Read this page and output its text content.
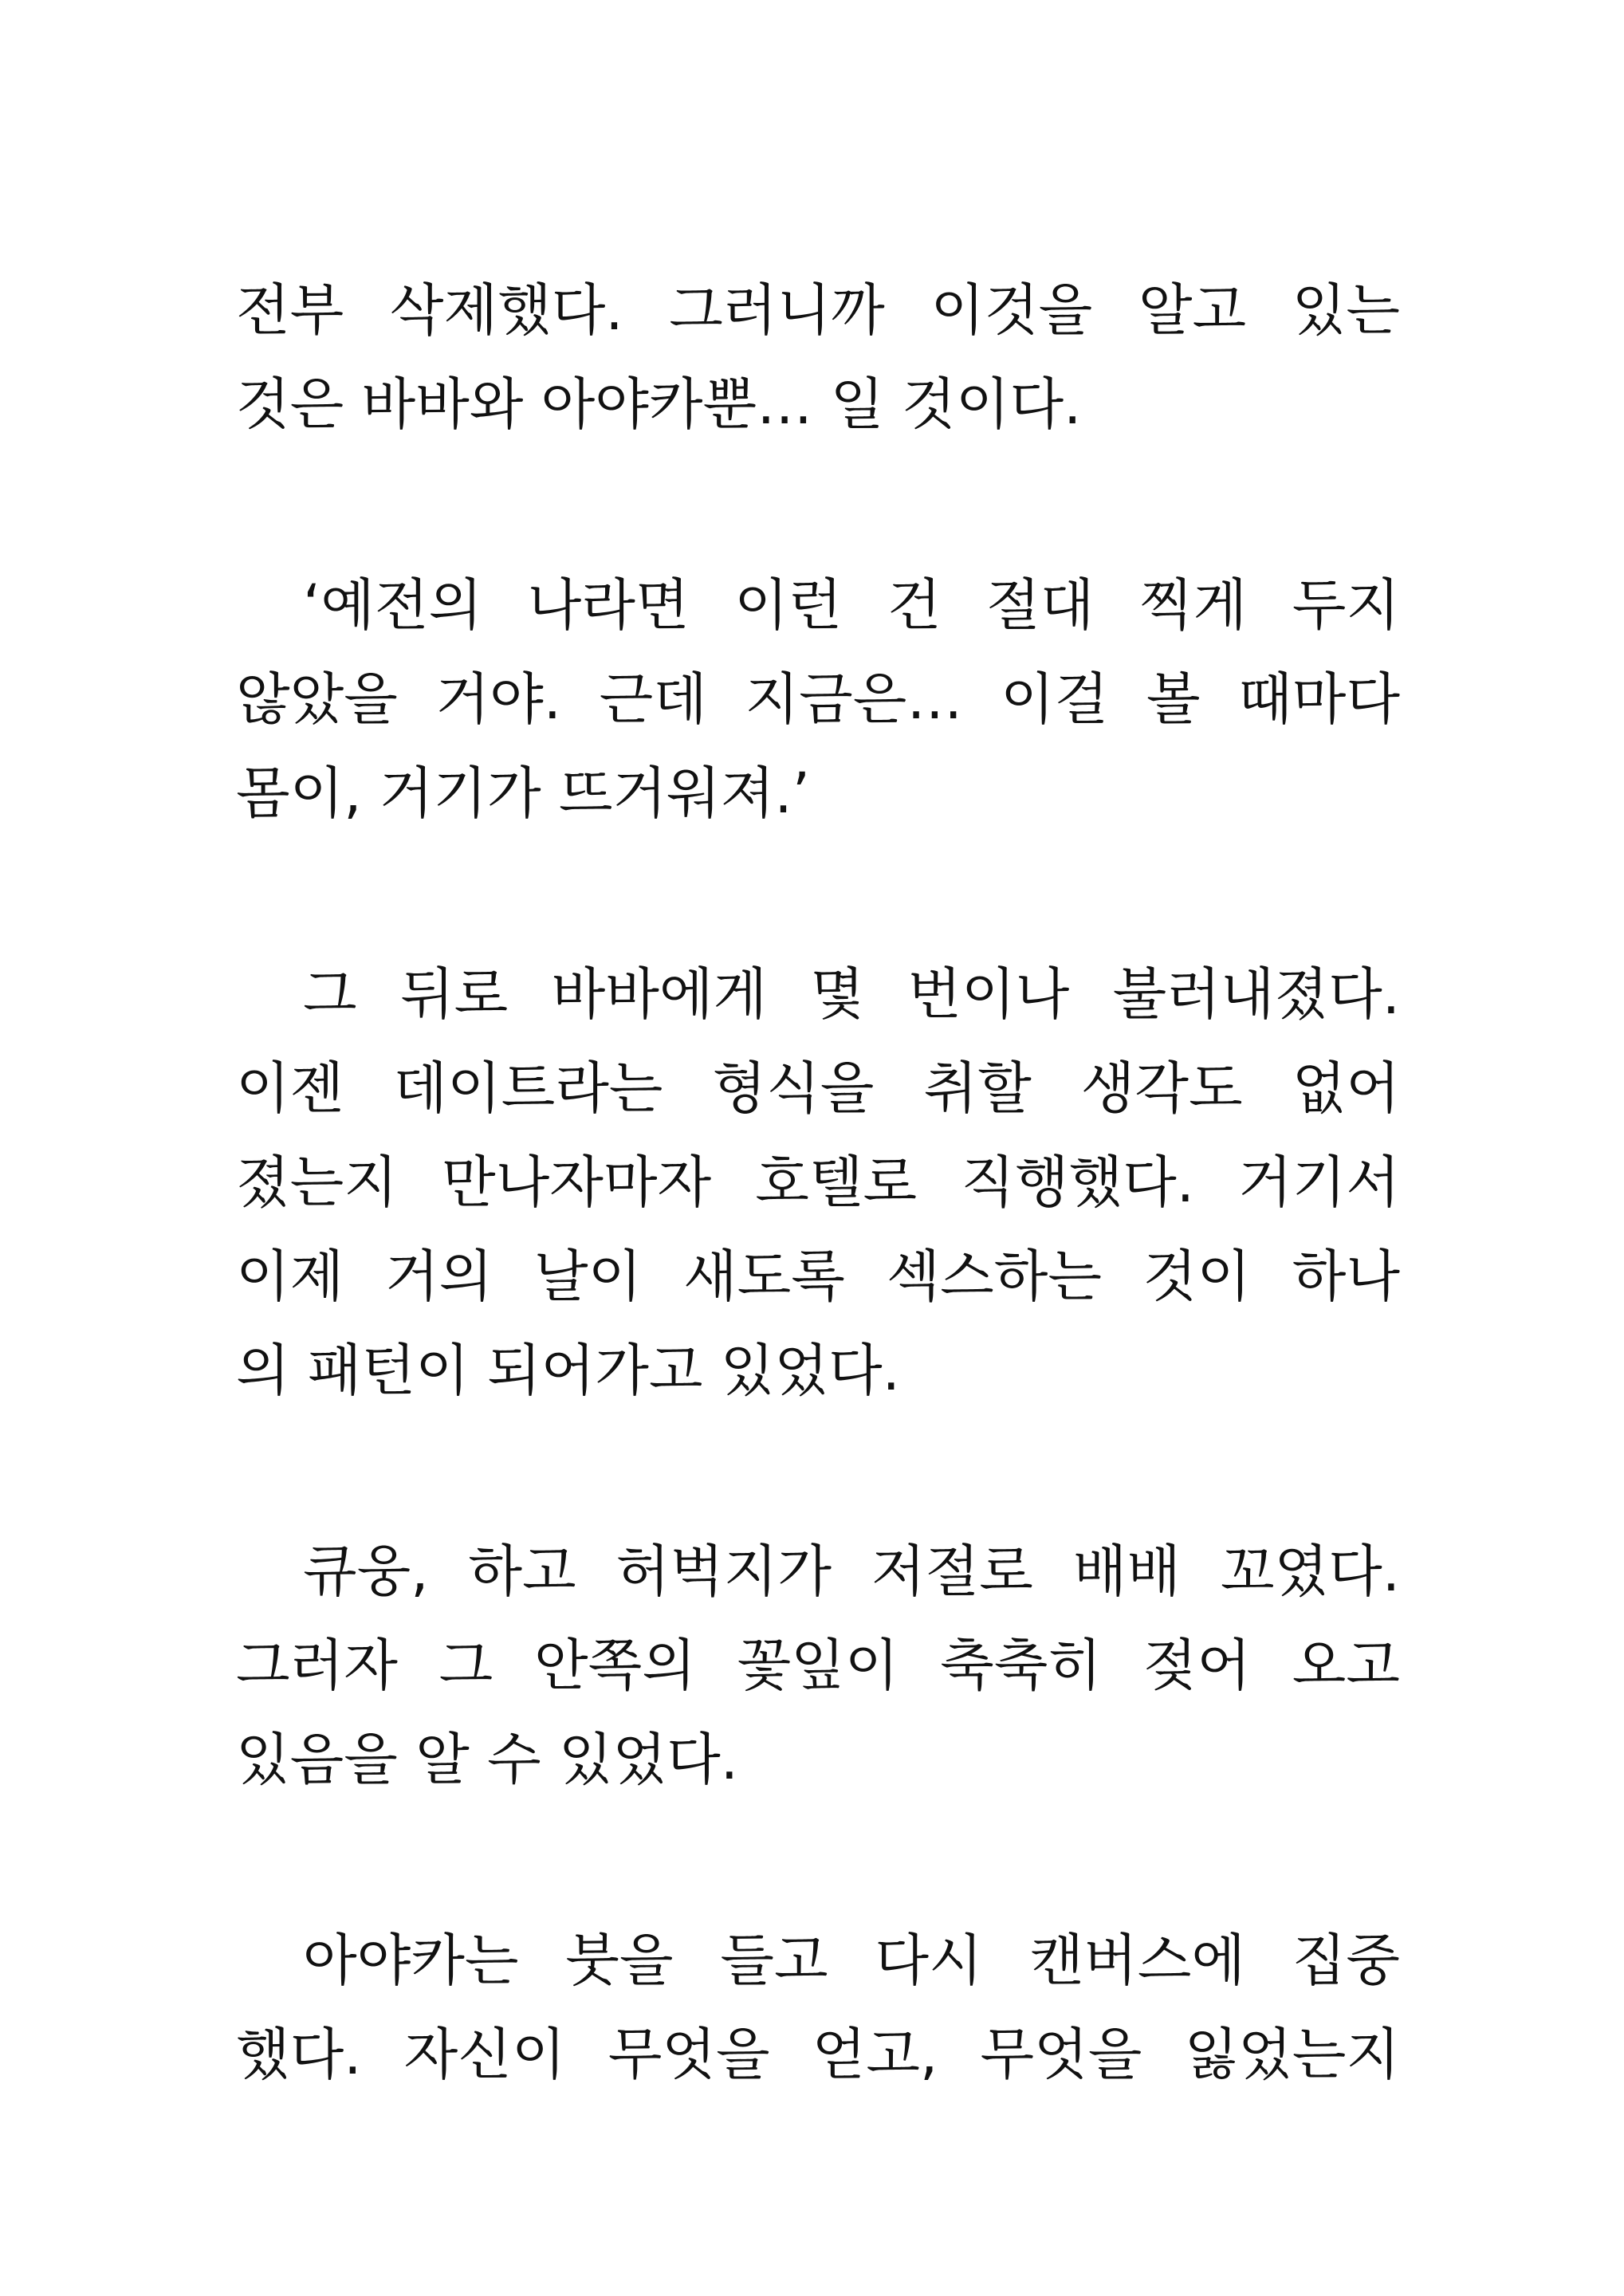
전부 삭제했다. 그러니까 이것을 알고 있는
것은 바바와 아야카뿐… 일 것이다.
‘예전의 나라면 이런 건 절대 찍게 두지
않았을 거야. 근데 지금은… 이걸 볼 때마다
몸이, 거기가 뜨거워져.’
그 뒤로 바바에게 몇 번이나 불러내졌다.
이젠 데이트라는 형식을 취할 생각도 없어
졌는지 만나자마자 호텔로 직행했다. 거기서
이제 거의 날이 새도록 섹스하는 것이 하나
의 패턴이 되어가고 있었다.
큐웅, 하고 허벅지가 저절로 배배 꼬였다.
그러자 그 안쪽의 꽃잎이 축축히 젖어 오고
있음을 알 수 있었다.
아야카는 붓을 들고 다시 캔버스에 집중
했다. 자신이 무엇을 얻고, 무엇을 잃었는지
